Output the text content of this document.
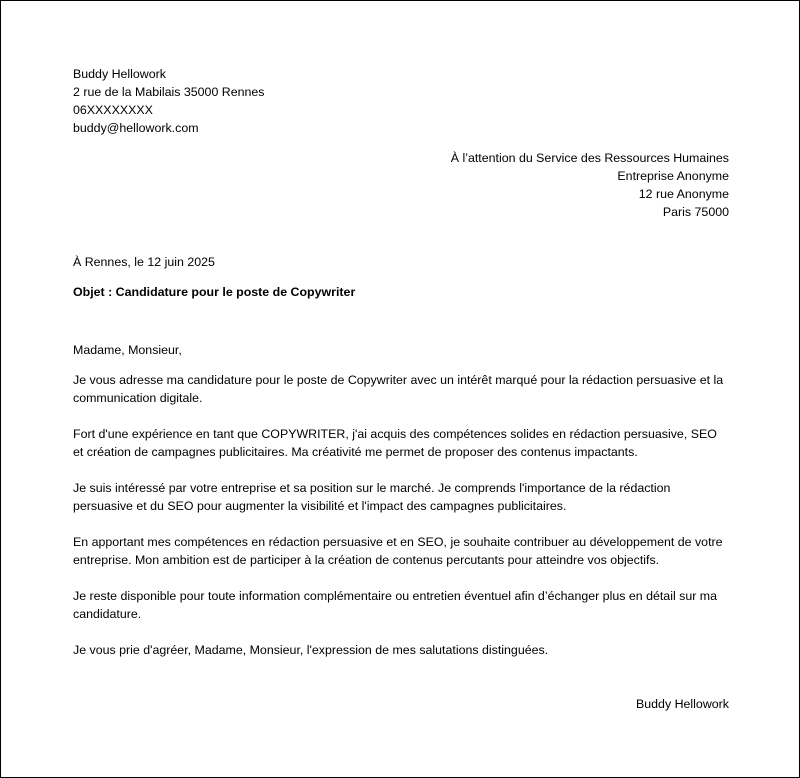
Buddy Hellowork
2 rue de la Mabilais 35000 Rennes
06XXXXXXXX
buddy@hellowork.com
À l’attention du Service des Ressources Humaines
Entreprise Anonyme
12 rue Anonyme
Paris 75000
À Rennes, le 12 juin 2025
Objet : Candidature pour le poste de Copywriter
Madame, Monsieur,

Je vous adresse ma candidature pour le poste de Copywriter avec un intérêt marqué pour la rédaction persuasive et la communication digitale.

Fort d'une expérience en tant que COPYWRITER, j'ai acquis des compétences solides en rédaction persuasive, SEO et création de campagnes publicitaires. Ma créativité me permet de proposer des contenus impactants.

Je suis intéressé par votre entreprise et sa position sur le marché. Je comprends l'importance de la rédaction persuasive et du SEO pour augmenter la visibilité et l'impact des campagnes publicitaires.

En apportant mes compétences en rédaction persuasive et en SEO, je souhaite contribuer au développement de votre entreprise. Mon ambition est de participer à la création de contenus percutants pour atteindre vos objectifs.

Je reste disponible pour toute information complémentaire ou entretien éventuel afin d’échanger plus en détail sur ma candidature.

Je vous prie d'agréer, Madame, Monsieur, l'expression de mes salutations distinguées.
Buddy Hellowork
